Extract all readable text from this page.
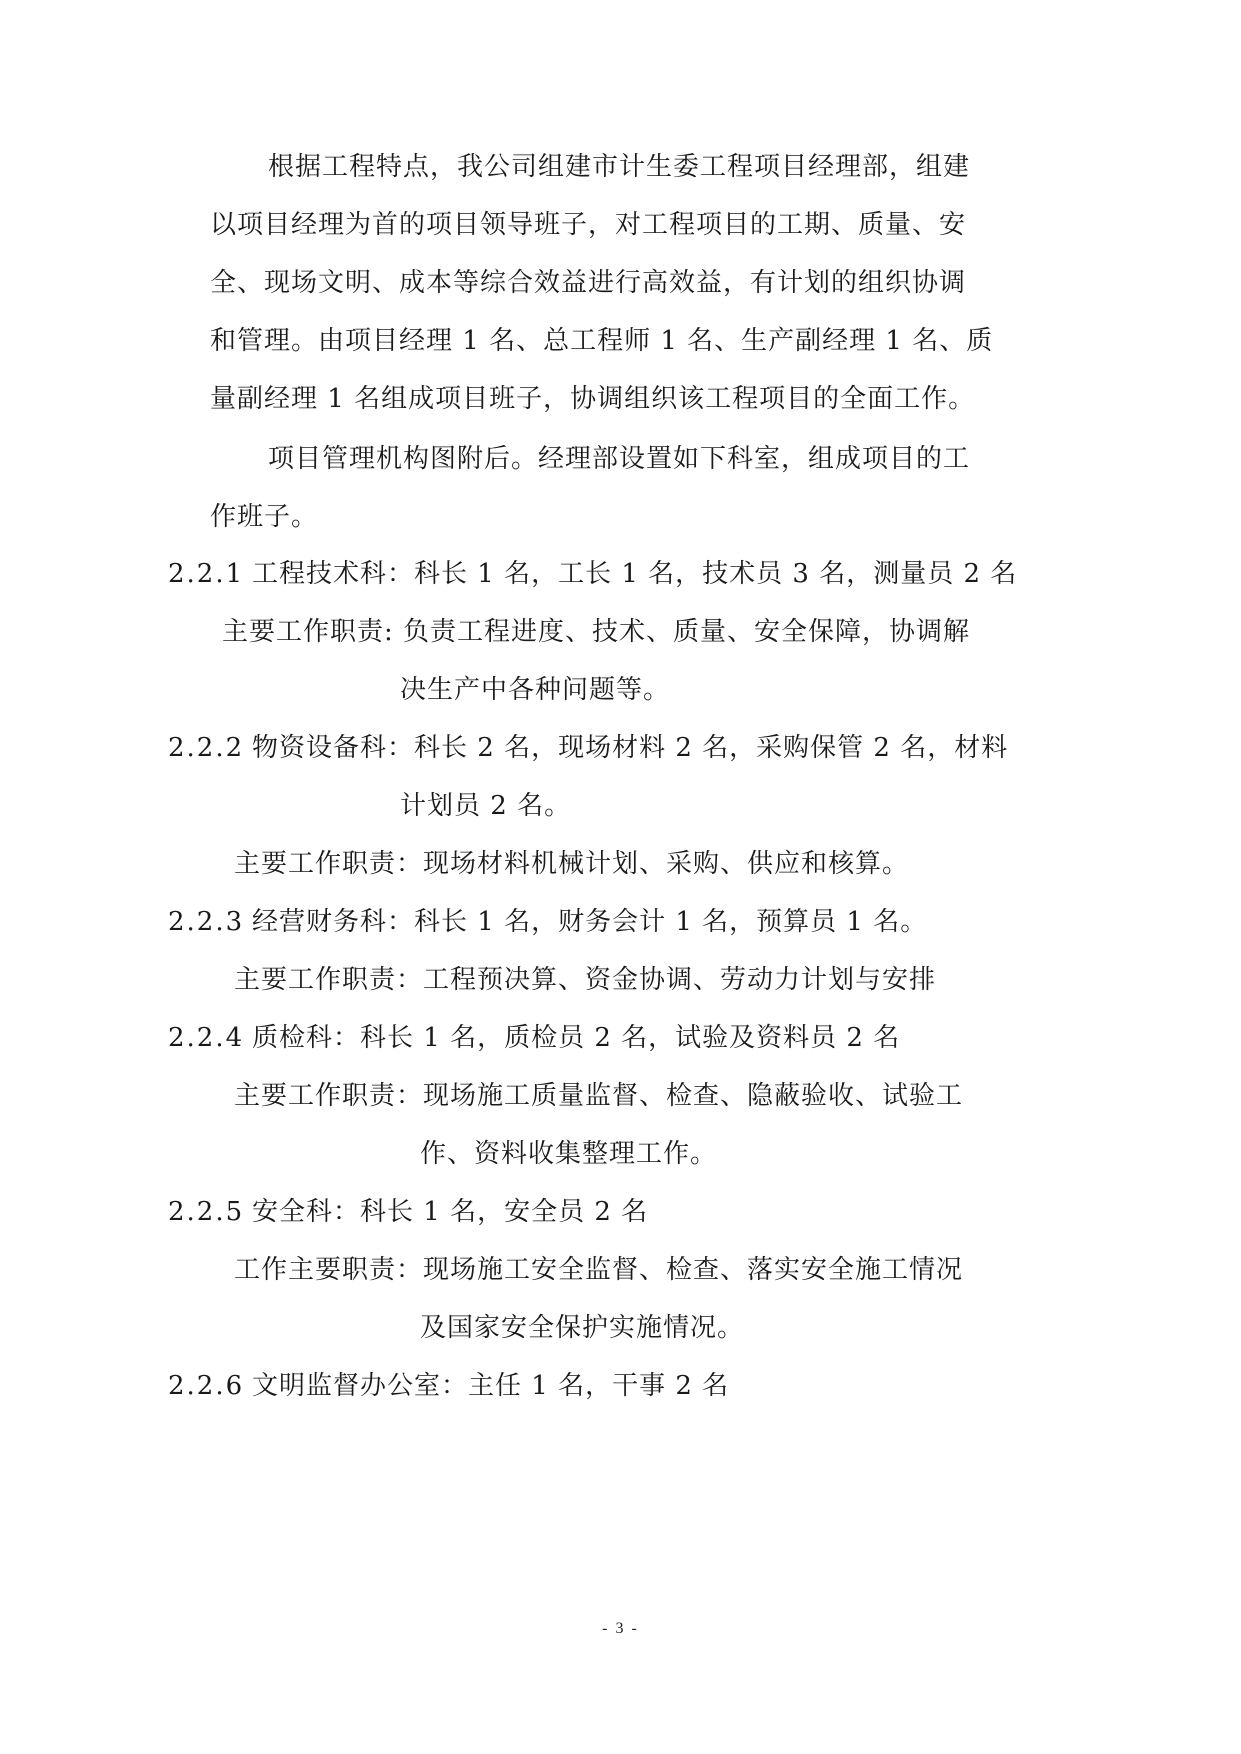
根据工程特点，我公司组建市计生委工程项目经理部，组建
以项目经理为首的项目领导班子，对工程项目的工期、质量、安
全、现场文明、成本等综合效益进行高效益，有计划的组织协调
和管理。由项目经理 1 名、总工程师 1 名、生产副经理 1 名、质
量副经理 1 名组成项目班子，协调组织该工程项目的全面工作。
项目管理机构图附后。经理部设置如下科室，组成项目的工
作班子。
2.2.1 工程技术科：科长 1 名，工长 1 名，技术员 3 名，测量员 2 名
主要工作职责: 负责工程进度、技术、质量、安全保障，协调解
决生产中各种问题等。
2.2.2 物资设备科：科长 2 名，现场材料 2 名，采购保管 2 名，材料
计划员 2 名。
主要工作职责：现场材料机械计划、采购、供应和核算。
2.2.3 经营财务科：科长 1 名，财务会计 1 名，预算员 1 名。
主要工作职责：工程预决算、资金协调、劳动力计划与安排
2.2.4 质检科：科长 1 名，质检员 2 名，试验及资料员 2 名
主要工作职责：现场施工质量监督、检查、隐蔽验收、试验工
作、资料收集整理工作。
2.2.5 安全科：科长 1 名，安全员 2 名
工作主要职责：现场施工安全监督、检查、落实安全施工情况
及国家安全保护实施情况。
2.2.6 文明监督办公室：主任 1 名，干事 2 名
- 3 -
